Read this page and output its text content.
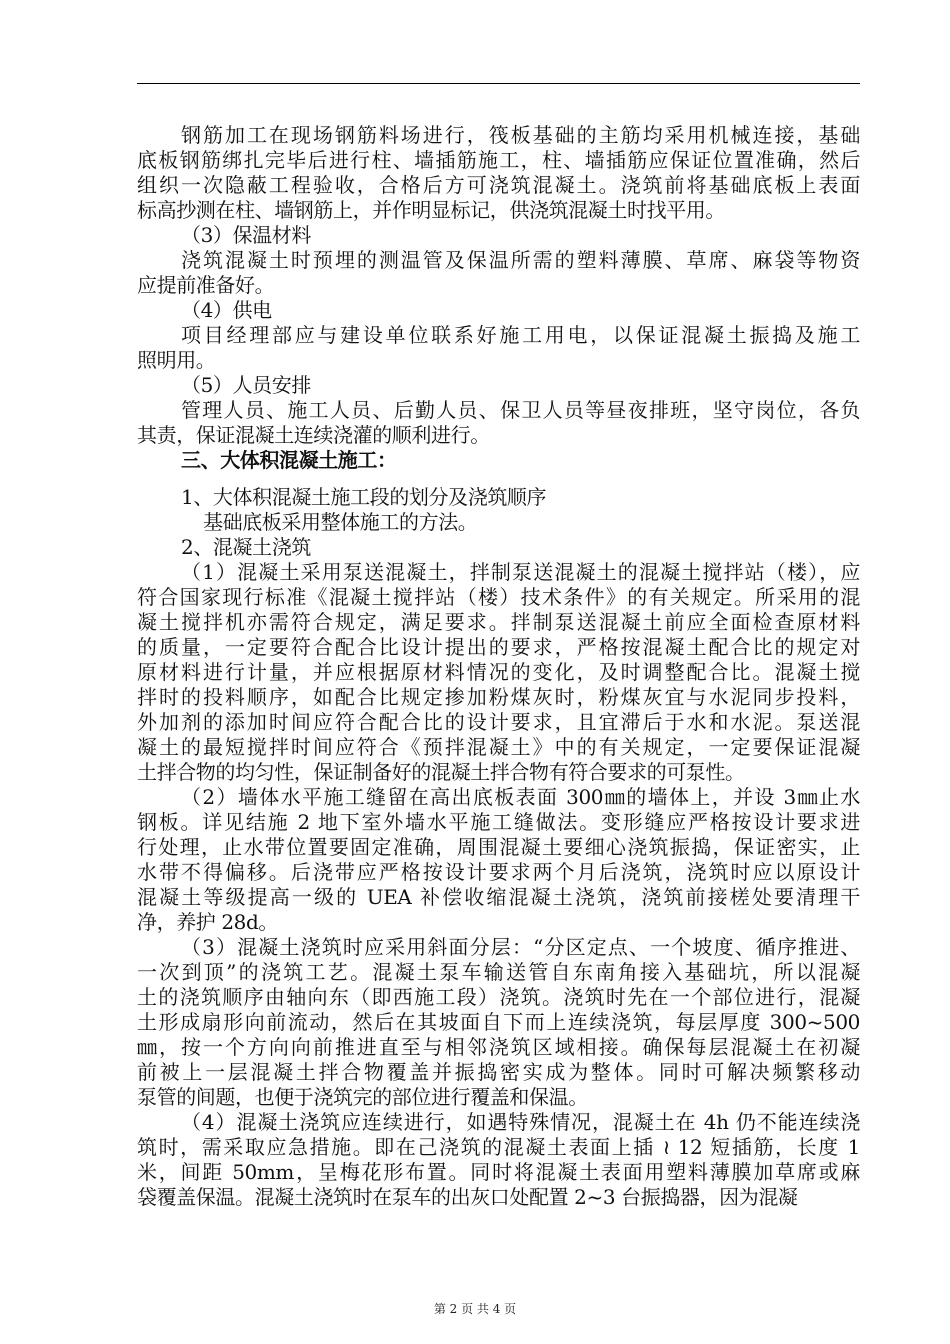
钢筋加工在现场钢筋料场进行，筏板基础的主筋均采用机械连接，基础
底板钢筋绑扎完毕后进行柱、墙插筋施工，柱、墙插筋应保证位置准确，然后
组织一次隐蔽工程验收，合格后方可浇筑混凝土。浇筑前将基础底板上表面
标高抄测在柱、墙钢筋上，并作明显标记，供浇筑混凝土时找平用。
（3）保温材料
浇筑混凝土时预埋的测温管及保温所需的塑料薄膜、草席、麻袋等物资
应提前准备好。
（4）供电
项目经理部应与建设单位联系好施工用电，以保证混凝土振捣及施工
照明用。
（5）人员安排
管理人员、施工人员、后勤人员、保卫人员等昼夜排班，坚守岗位，各负
其责，保证混凝土连续浇灌的顺利进行。
三、大体积混凝土施工：
1、大体积混凝土施工段的划分及浇筑顺序
基础底板采用整体施工的方法。
2、混凝土浇筑
（1）混凝土采用泵送混凝土，拌制泵送混凝土的混凝土搅拌站（楼），应
符合国家现行标准《混凝土搅拌站（楼）技术条件》的有关规定。所采用的混
凝土搅拌机亦需符合规定，满足要求。拌制泵送混凝土前应全面检查原材料
的质量，一定要符合配合比设计提出的要求，严格按混凝土配合比的规定对
原材料进行计量，并应根据原材料情况的变化，及时调整配合比。混凝土搅
拌时的投料顺序，如配合比规定掺加粉煤灰时，粉煤灰宜与水泥同步投料，
外加剂的添加时间应符合配合比的设计要求，且宜滞后于水和水泥。泵送混
凝土的最短搅拌时间应符合《预拌混凝土》中的有关规定，一定要保证混凝
土拌合物的均匀性，保证制备好的混凝土拌合物有符合要求的可泵性。
（2）墙体水平施工缝留在高出底板表面 300㎜的墙体上，并设 3㎜止水
钢板。详见结施 2 地下室外墙水平施工缝做法。变形缝应严格按设计要求进
行处理，止水带位置要固定准确，周围混凝土要细心浇筑振捣，保证密实，止
水带不得偏移。后浇带应严格按设计要求两个月后浇筑，浇筑时应以原设计
混凝土等级提高一级的 UEA 补偿收缩混凝土浇筑，浇筑前接槎处要清理干
净，养护 28d。
（3）混凝土浇筑时应采用斜面分层：“分区定点、一个坡度、循序推进、
一次到顶”的浇筑工艺。混凝土泵车输送管自东南角接入基础坑，所以混凝
土的浇筑顺序由轴向东（即西施工段）浇筑。浇筑时先在一个部位进行，混凝
土形成扇形向前流动，然后在其坡面自下而上连续浇筑，每层厚度 300~500
㎜，按一个方向向前推进直至与相邻浇筑区域相接。确保每层混凝土在初凝
前被上一层混凝土拌合物覆盖并振捣密实成为整体。同时可解决频繁移动
泵管的间题，也便于浇筑完的部位进行覆盖和保温。
（4）混凝土浇筑应连续进行，如遇特殊情况，混凝土在 4h 仍不能连续浇
筑时，需采取应急措施。即在己浇筑的混凝土表面上插 ≀ 12 短插筋，长度 1
米，间距 50mm，呈梅花形布置。同时将混凝土表面用塑料薄膜加草席或麻
袋覆盖保温。混凝土浇筑时在泵车的出灰口处配置 2~3 台振捣器，因为混凝
第 2 页 共 4 页
